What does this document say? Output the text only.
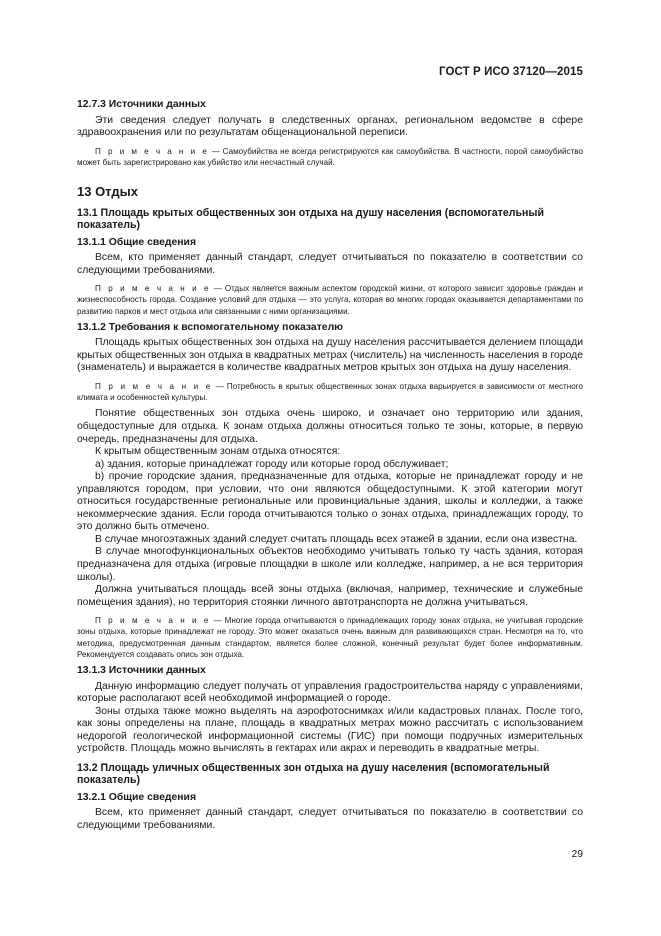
ГОСТ Р ИСО 37120—2015
12.7.3 Источники данных

Эти сведения следует получать в следственных органах, региональном ведомстве в сфере здравоохранения или по результатам общенациональной переписи.

П р и м е ч а н и е — Самоубийства не всегда регистрируются как самоубийства. В частности, порой самоубийство может быть зарегистрировано как убийство или несчастный случай.
13 Отдых
13.1 Площадь крытых общественных зон отдыха на душу населения (вспомогательный показатель)
13.1.1 Общие сведения

Всем, кто применяет данный стандарт, следует отчитываться по показателю в соответствии со следующими требованиями.

П р и м е ч а н и е — Отдых является важным аспектом городской жизни, от которого зависит здоровье граждан и жизнеспособность города. Создание условий для отдыха — это услуга, которая во многих городах оказывается департаментами по развитию парков и мест отдыха или связанными с ними организациями.
13.1.2 Требования к вспомогательному показателю

Площадь крытых общественных зон отдыха на душу населения рассчитывается делением площади крытых общественных зон отдыха в квадратных метрах (числитель) на численность населения в городе (знаменатель) и выражается в количестве квадратных метров крытых зон отдыха на душу населения.

П р и м е ч а н и е — Потребность в крытых общественных зонах отдыха варьируется в зависимости от местного климата и особенностей культуры.

Понятие общественных зон отдыха очень широко, и означает оно территорию или здания, общедоступные для отдыха. К зонам отдыха должны относиться только те зоны, которые, в первую очередь, предназначены для отдыха.

К крытым общественным зонам отдыха относятся:

a) здания, которые принадлежат городу или которые город обслуживает;

b) прочие городские здания, предназначенные для отдыха, которые не принадлежат городу и не управляются городом, при условии, что они являются общедоступными. К этой категории могут относиться государственные региональные или провинциальные здания, школы и колледжи, а также некоммерческие здания. Если города отчитываются только о зонах отдыха, принадлежащих городу, то это должно быть отмечено.

В случае многоэтажных зданий следует считать площадь всех этажей в здании, если она известна.

В случае многофункциональных объектов необходимо учитывать только ту часть здания, которая предназначена для отдыха (игровые площадки в школе или колледже, например, а не вся территория школы).

Должна учитываться площадь всей зоны отдыха (включая, например, технические и служебные помещения здания), но территория стоянки личного автотранспорта не должна учитываться.

П р и м е ч а н и е — Многие города отчитываются о принадлежащих городу зонах отдыха, не учитывая городские зоны отдыха, которые принадлежат не городу. Это может оказаться очень важным для развивающихся стран. Несмотря на то, что методика, предусмотренная данным стандартом, является более сложной, конечный результат будет более информативным. Рекомендуется создавать опись зон отдыха.
13.1.3 Источники данных

Данную информацию следует получать от управления градостроительства наряду с управлениями, которые располагают всей необходимой информацией о городе.

Зоны отдыха также можно выделять на аэрофотоснимках и/или кадастровых планах. После того, как зоны определены на плане, площадь в квадратных метрах можно рассчитать с использованием недорогой геологической информационной системы (ГИС) при помощи подручных измерительных устройств. Площадь можно вычислять в гектарах или акрах и переводить в квадратные метры.

13.2 Площадь уличных общественных зон отдыха на душу населения (вспомогательный показатель)
13.2.1 Общие сведения

Всем, кто применяет данный стандарт, следует отчитываться по показателю в соответствии со следующими требованиями.

29
